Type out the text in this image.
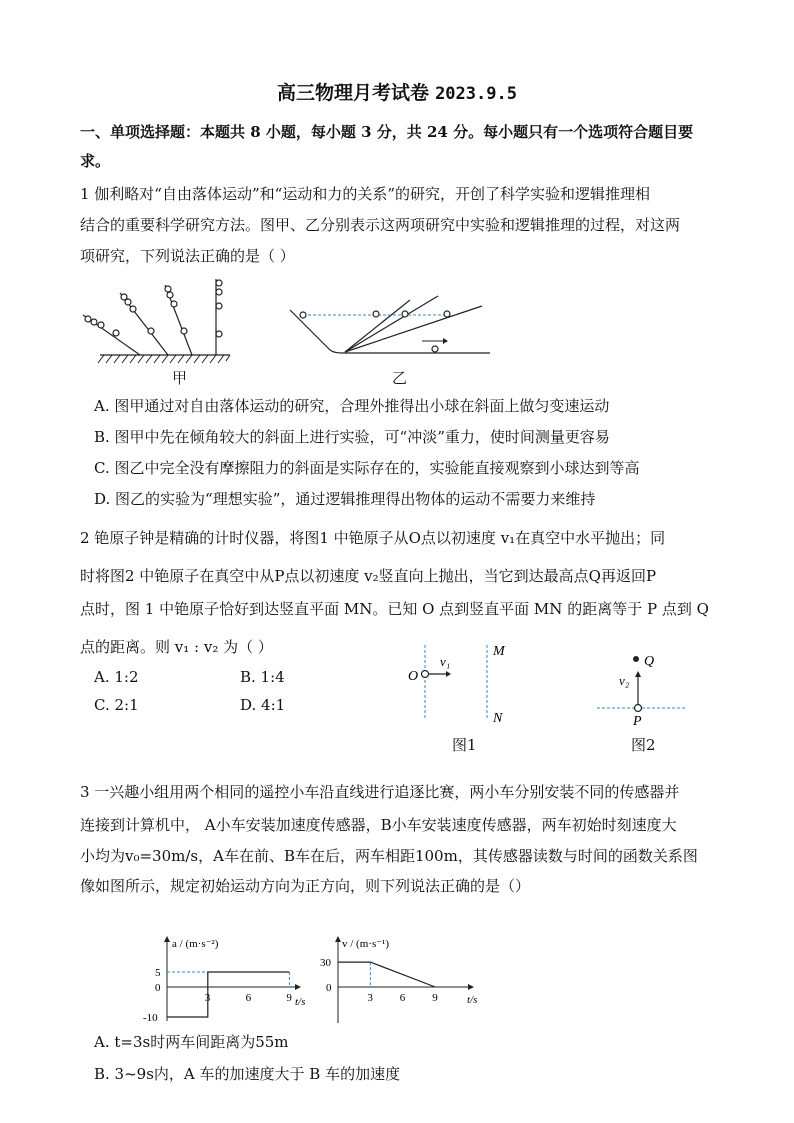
高三物理月考试卷 2023.9.5
一、单项选择题：本题共 8 小题，每小题 3 分，共 24 分。每小题只有一个选项符合题目要
求。
1 伽利略对“自由落体运动”和“运动和力的关系”的研究，开创了科学实验和逻辑推理相
结合的重要科学研究方法。图甲、乙分别表示这两项研究中实验和逻辑推理的过程，对这两
项研究，下列说法正确的是（ ）
甲	乙
A. 图甲通过对自由落体运动的研究，合理外推得出小球在斜面上做匀变速运动
B. 图甲中先在倾角较大的斜面上进行实验，可“冲淡”重力，使时间测量更容易
C. 图乙中完全没有摩擦阻力的斜面是实际存在的，实验能直接观察到小球达到等高
D. 图乙的实验为“理想实验”，通过逻辑推理得出物体的运动不需要力来维持
2 铯原子钟是精确的计时仪器，将图1 中铯原子从O点以初速度 v₁在真空中水平抛出；同
时将图2 中铯原子在真空中从P点以初速度 v₂竖直向上抛出，当它到达最高点Q再返回P
点时，图 1 中铯原子恰好到达竖直平面 MN。已知 O 点到竖直平面 MN 的距离等于 P 点到 Q
点的距离。则 v₁ : v₂ 为（ ）
A. 1:2	B. 1:4
C. 2:1	D. 4:1
O
v₁
M
N
图1
Q
v₂
P
图2
3 一兴趣小组用两个相同的遥控小车沿直线进行追逐比赛，两小车分别安装不同的传感器并
连接到计算机中， A小车安装加速度传感器，B小车安装速度传感器，两车初始时刻速度大
小均为v₀=30m/s，A车在前、B车在后，两车相距100m，其传感器读数与时间的函数关系图
像如图所示，规定初始运动方向为正方向，则下列说法正确的是（）
a / (m·s⁻²)
t/s
3	6	9
5
0
-10
v / (m·s⁻¹)
t/s
3 6 9
30
0
A. t=3s时两车间距离为55m
B. 3~9s内，A 车的加速度大于 B 车的加速度
